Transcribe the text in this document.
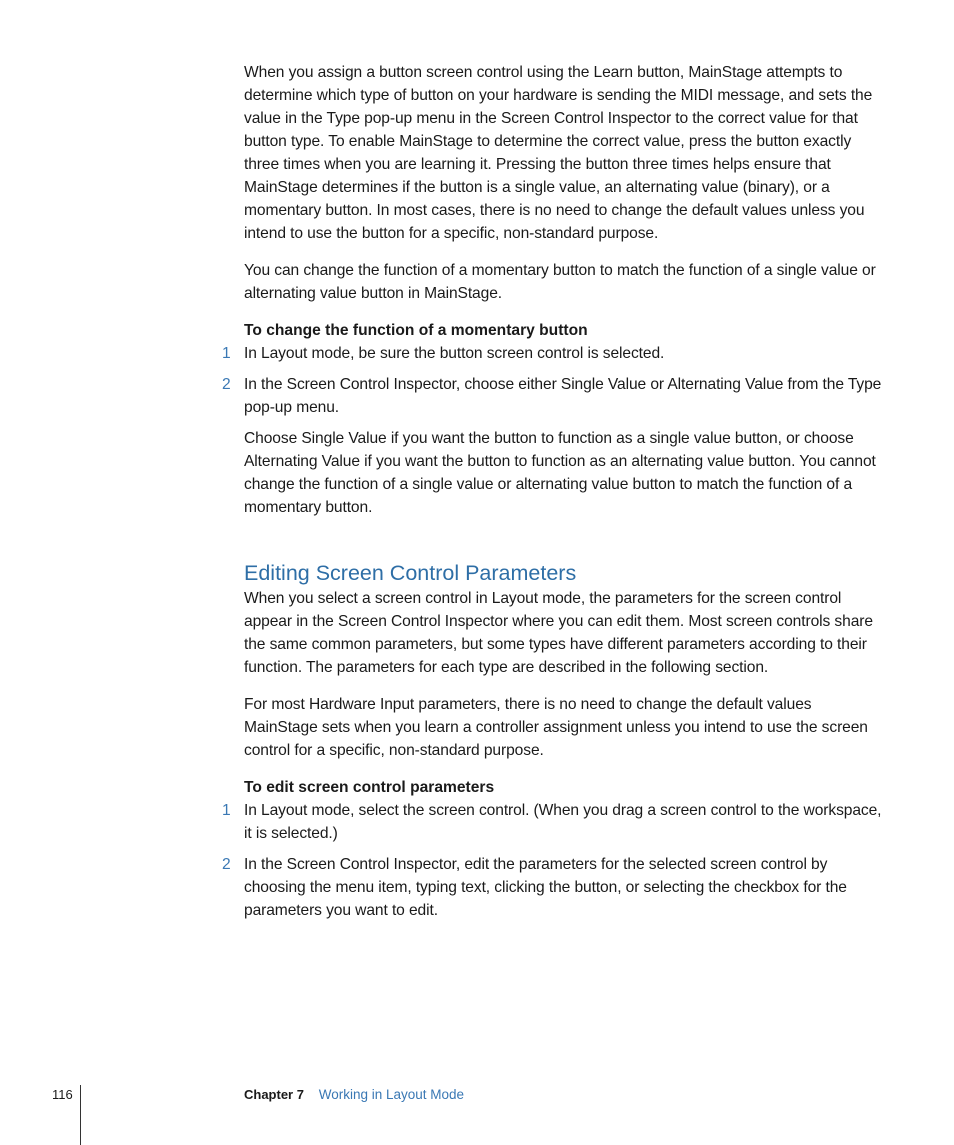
When you assign a button screen control using the Learn button, MainStage attempts to determine which type of button on your hardware is sending the MIDI message, and sets the value in the Type pop-up menu in the Screen Control Inspector to the correct value for that button type. To enable MainStage to determine the correct value, press the button exactly three times when you are learning it. Pressing the button three times helps ensure that MainStage determines if the button is a single value, an alternating value (binary), or a momentary button. In most cases, there is no need to change the default values unless you intend to use the button for a specific, non-standard purpose.

You can change the function of a momentary button to match the function of a single value or alternating value button in MainStage.

To change the function of a momentary button

1 In Layout mode, be sure the button screen control is selected.

2 In the Screen Control Inspector, choose either Single Value or Alternating Value from the Type pop-up menu.

Choose Single Value if you want the button to function as a single value button, or choose Alternating Value if you want the button to function as an alternating value button. You cannot change the function of a single value or alternating value button to match the function of a momentary button.

Editing Screen Control Parameters

When you select a screen control in Layout mode, the parameters for the screen control appear in the Screen Control Inspector where you can edit them. Most screen controls share the same common parameters, but some types have different parameters according to their function. The parameters for each type are described in the following section.

For most Hardware Input parameters, there is no need to change the default values MainStage sets when you learn a controller assignment unless you intend to use the screen control for a specific, non-standard purpose.

To edit screen control parameters

1 In Layout mode, select the screen control. (When you drag a screen control to the workspace, it is selected.)

2 In the Screen Control Inspector, edit the parameters for the selected screen control by choosing the menu item, typing text, clicking the button, or selecting the checkbox for the parameters you want to edit.

116	Chapter 7 Working in Layout Mode
